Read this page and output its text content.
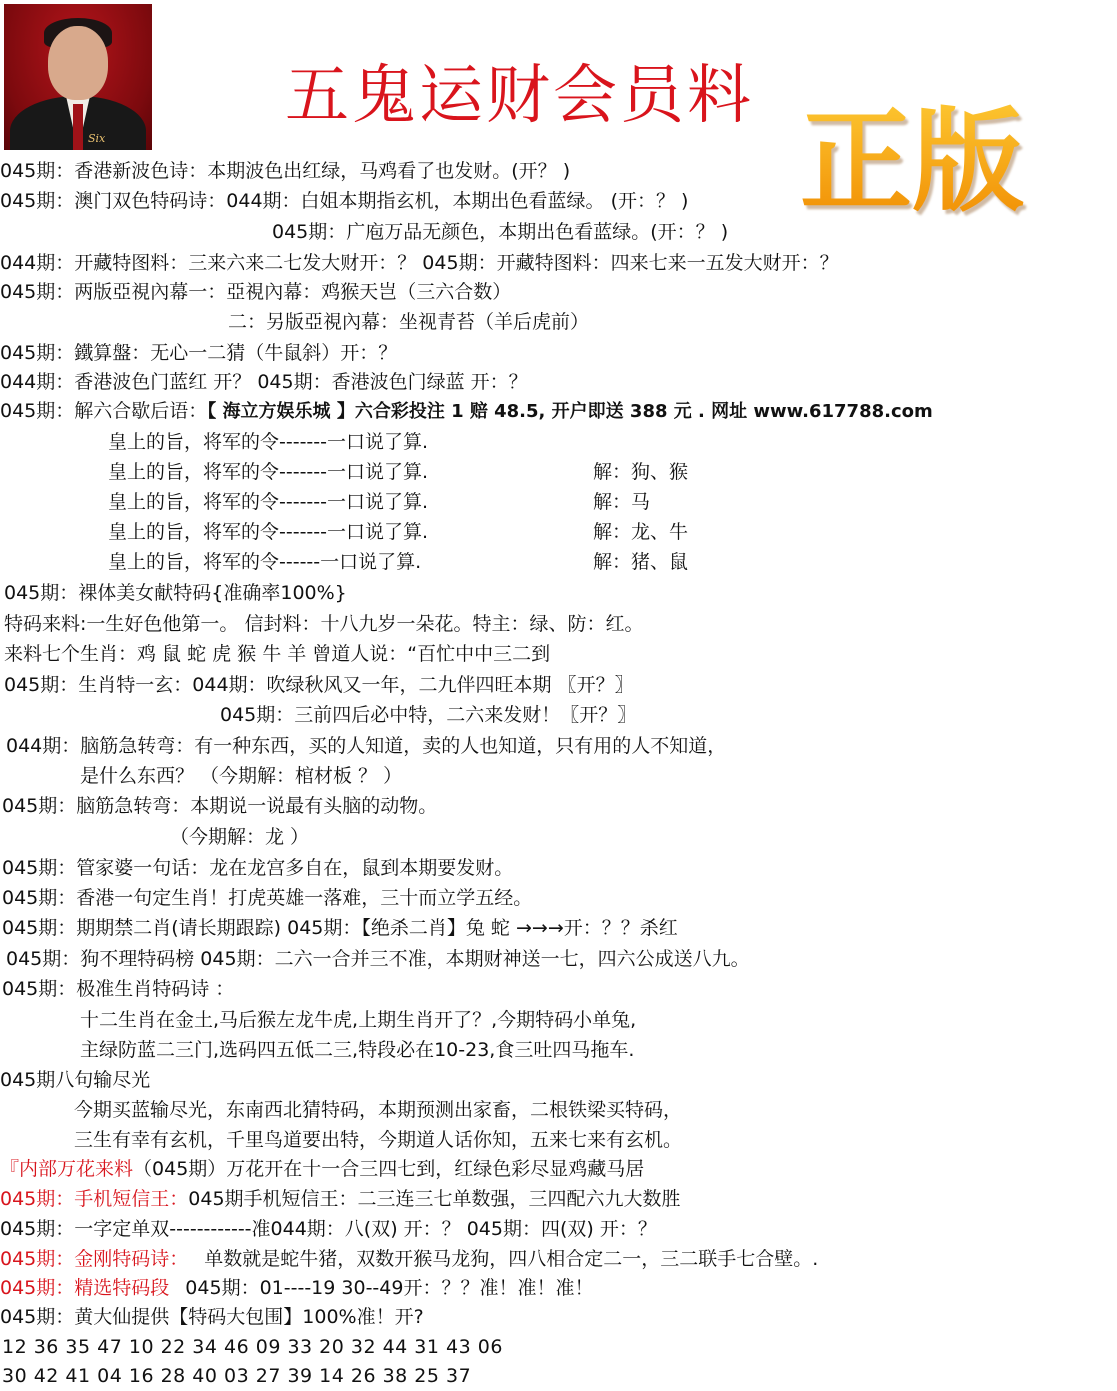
Six
五鬼运财会员料
正版
045期：香港新波色诗：本期波色出红绿，马鸡看了也发财。(开？ )
045期：澳门双色特码诗：044期：白姐本期指玄机，本期出色看蓝绿。 (开：？ )
045期：广庖万品无颜色，本期出色看蓝绿。(开：？ )
044期：开藏特图料：三来六来二七发大财开：？ 045期：开藏特图料：四来七来一五发大财开：？
045期：两版亞視內幕一：亞視內幕：鸡猴天岂（三六合数）
二：另版亞視內幕：坐视青苔（羊后虎前）
045期：鐵算盤：无心一二猜（牛鼠斜）开：？
044期：香港波色门蓝红 开？ 045期：香港波色门绿蓝 开：？
045期：解六合歇后语：【 海立方娱乐城 】六合彩投注 1 赔 48.5, 开户即送 388 元 . 网址 www.617788.com
皇上的旨，将军的令-------一口说了算.
皇上的旨，将军的令-------一口说了算.	解：狗、猴
皇上的旨，将军的令-------一口说了算.	解：马
皇上的旨，将军的令-------一口说了算.	解：龙、牛
皇上的旨，将军的令------一口说了算.	解：猪、鼠
045期：裸体美女献特码{准确率100%}
特码来料:一生好色他第一。 信封料：十八九岁一朵花。特主：绿、防：红。
来料七个生肖：鸡 鼠 蛇 虎 猴 牛 羊 曾道人说：“百忙中中三二到
045期：生肖特一玄：044期：吹绿秋风又一年，二九伴四旺本期 〖开？〗
045期：三前四后必中特，二六来发财！〖开？〗
044期：脑筋急转弯：有一种东西，买的人知道，卖的人也知道，只有用的人不知道，
是什么东西？ （今期解：棺材板 ？ ）
045期：脑筋急转弯：本期说一说最有头脑的动物。
（今期解：龙 ）
045期：管家婆一句话：龙在龙宫多自在，鼠到本期要发财。
045期：香港一句定生肖！打虎英雄一落难，三十而立学五经。
045期：期期禁二肖(请长期跟踪) 045期：【绝杀二肖】兔 蛇 →→→开：？？杀红
045期：狗不理特码榜 045期：二六一合并三不准，本期财神送一七，四六公成送八九。
045期：极准生肖特码诗 ：
十二生肖在金土,马后猴左龙牛虎,上期生肖开了？,今期特码小单兔,
主绿防蓝二三门,选码四五低二三,特段必在10-23,食三吐四马拖车.
045期八句输尽光
今期买蓝输尽光，东南西北猜特码，本期预测出家畜，二根铁梁买特码，
三生有幸有玄机，千里鸟道要出特，今期道人话你知，五来七来有玄机。
『内部万花来料（045期）万花开在十一合三四七到，红绿色彩尽显鸡藏马居
045期：手机短信王：045期手机短信王：二三连三七单数强，三四配六九大数胜
045期：一字定单双------------准044期：八(双) 开：？ 045期：四(双) 开：？
045期：金刚特码诗： 单数就是蛇牛猪，双数开猴马龙狗，四八相合定二一，三二联手七合壁。.
045期：精选特码段 045期：01----19 30--49开：？？准！准！准！
045期：黄大仙提供【特码大包围】100%准！开?
12 36 35 47 10 22 34 46 09 33 20 32 44 31 43 06
30 42 41 04 16 28 40 03 27 39 14 26 38 25 37
